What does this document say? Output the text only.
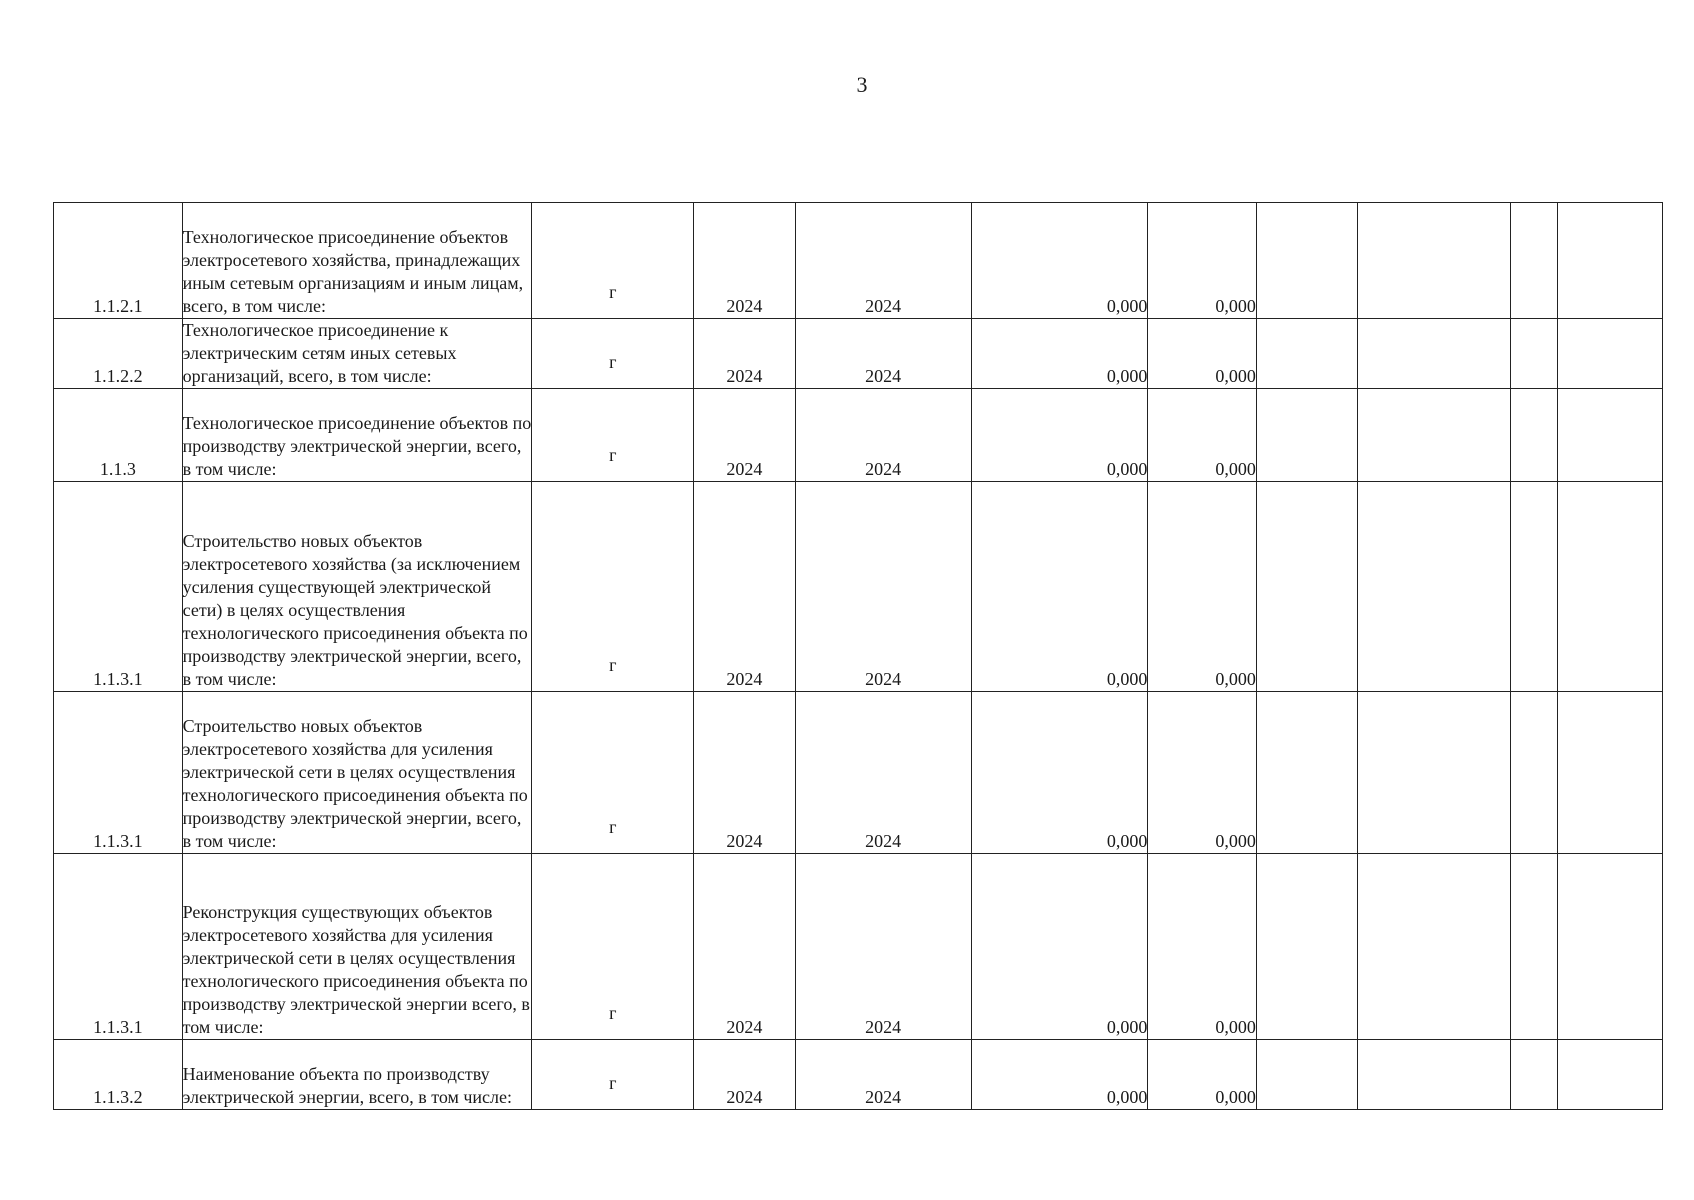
3
1.1.2.1	Технологическое присоединение объектов электросетевого хозяйства, принадлежащих иным сетевым организациям и иным лицам, всего, в том числе:	г	2024	2024	0,000	0,000				
1.1.2.2	Технологическое присоединение к электрическим сетям иных сетевых организаций, всего, в том числе:	г	2024	2024	0,000	0,000				
1.1.3	Технологическое присоединение объектов по производству электрической энергии, всего, в том числе:	г	2024	2024	0,000	0,000				
1.1.3.1	Строительство новых объектов электросетевого хозяйства (за исключением усиления существующей электрической сети) в целях осуществления технологического присоединения объекта по производству электрической энергии, всего, в том числе:	г	2024	2024	0,000	0,000				
1.1.3.1	Строительство новых объектов электросетевого хозяйства для усиления электрической сети в целях осуществления технологического присоединения объекта по производству электрической энергии, всего, в том числе:	г	2024	2024	0,000	0,000				
1.1.3.1	Реконструкция существующих объектов электросетевого хозяйства для усиления электрической сети в целях осуществления технологического присоединения объекта по производству электрической энергии всего, в том числе:	г	2024	2024	0,000	0,000				
1.1.3.2	Наименование объекта по производству электрической энергии, всего, в том числе:	г	2024	2024	0,000	0,000				
